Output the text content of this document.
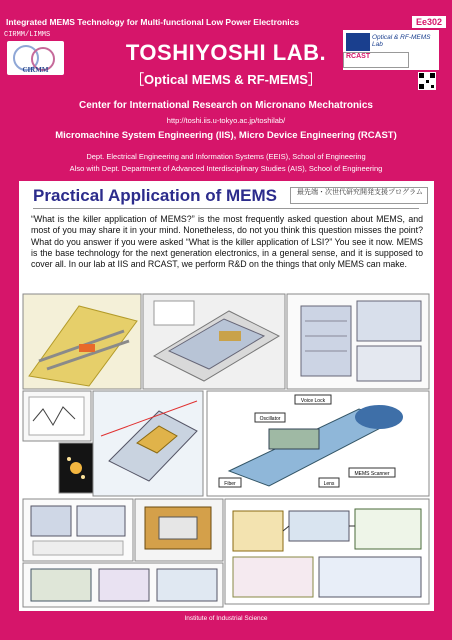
Integrated MEMS Technology for Multi-functional Low Power Electronics	Ee302
CIRMM/LIMMS
CIRMM
TOSHIYOSHI LAB.
［Optical MEMS & RF-MEMS］
Optical & RF-MEMS Lab
RCAST
Center for International Research on Micronano Mechatronics
http://toshi.iis.u-tokyo.ac.jp/toshilab/
Micromachine System Engineering (IIS), Micro Device Engineering (RCAST)
Dept. Electrical Engineering and Information Systems (EEIS), School of Engineering
Also with Dept. Department of Advanced Interdisciplinary Studies (AIS), School of Engineering
Practical Application of MEMS	最先端・次世代研究開発支援プログラム
“What is the killer application of MEMS?” is the most frequently asked question about MEMS, and most of you may share it in your mind. Nonetheless, do not you think this question misses the point? What do you answer if you were asked “What is the killer application of LSI?” You see it now. MEMS is the base technology for the next generation electronics, in a general sense, and it is supposed to cover all. In our lab at IIS and RCAST, we perform R&D on the things that only MEMS can make.
Voice Lock
Oscillator
MEMS Scanner
Fiber	Lens
Institute of Industrial Science
